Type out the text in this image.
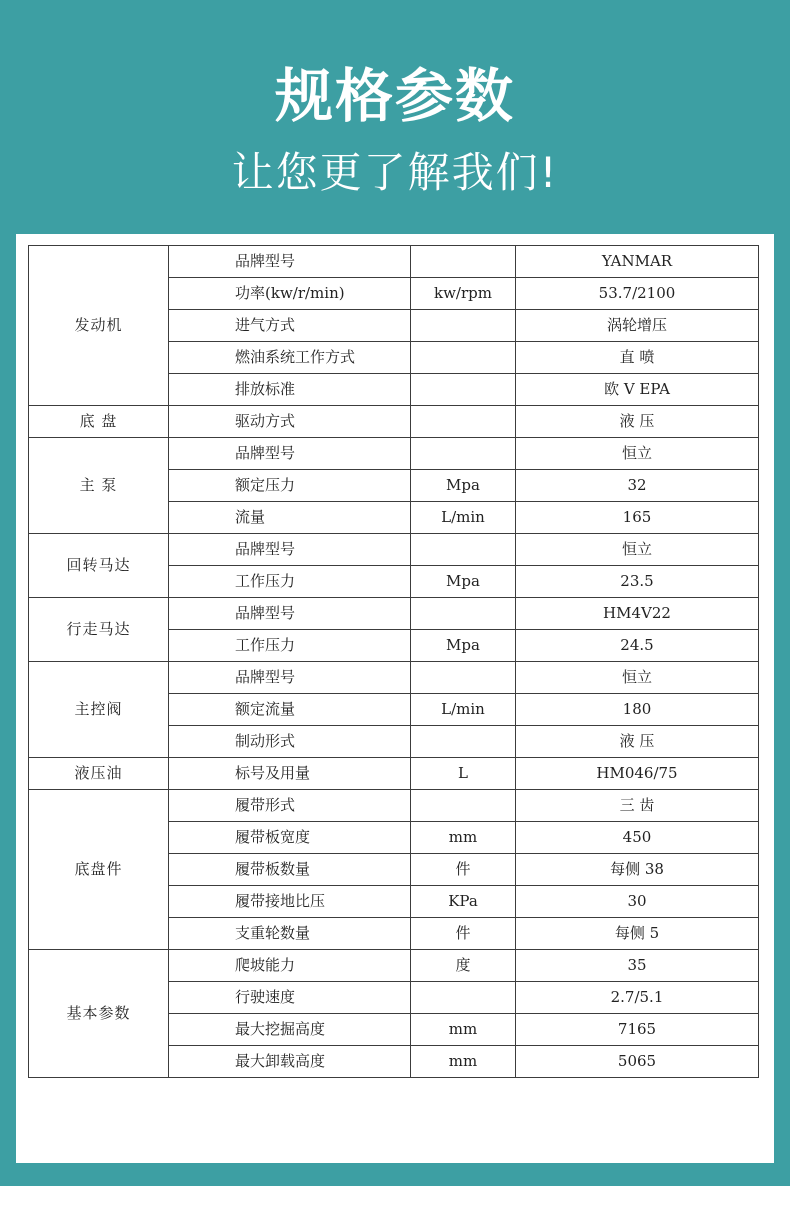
规格参数
让您更了解我们!
发动机	品牌型号		YANMAR
	功率(kw/r/min)	kw/rpm	53.7/2100
	进气方式		涡轮增压
	燃油系统工作方式		直 喷
	排放标准		欧 V EPA
底 盘	驱动方式		液 压
主 泵	品牌型号		恒立
	额定压力	Mpa	32
	流量	L/min	165
回转马达	品牌型号		恒立
	工作压力	Mpa	23.5
行走马达	品牌型号		HM4V22
	工作压力	Mpa	24.5
主控阀	品牌型号		恒立
	额定流量	L/min	180
	制动形式		液 压
液压油	标号及用量	L	HM046/75
底盘件	履带形式		三 齿
	履带板宽度	mm	450
	履带板数量	件	每侧 38
	履带接地比压	KPa	30
	支重轮数量	件	每侧 5
基本参数	爬坡能力	度	35
	行驶速度		2.7/5.1
	最大挖掘高度	mm	7165
	最大卸载高度	mm	5065
